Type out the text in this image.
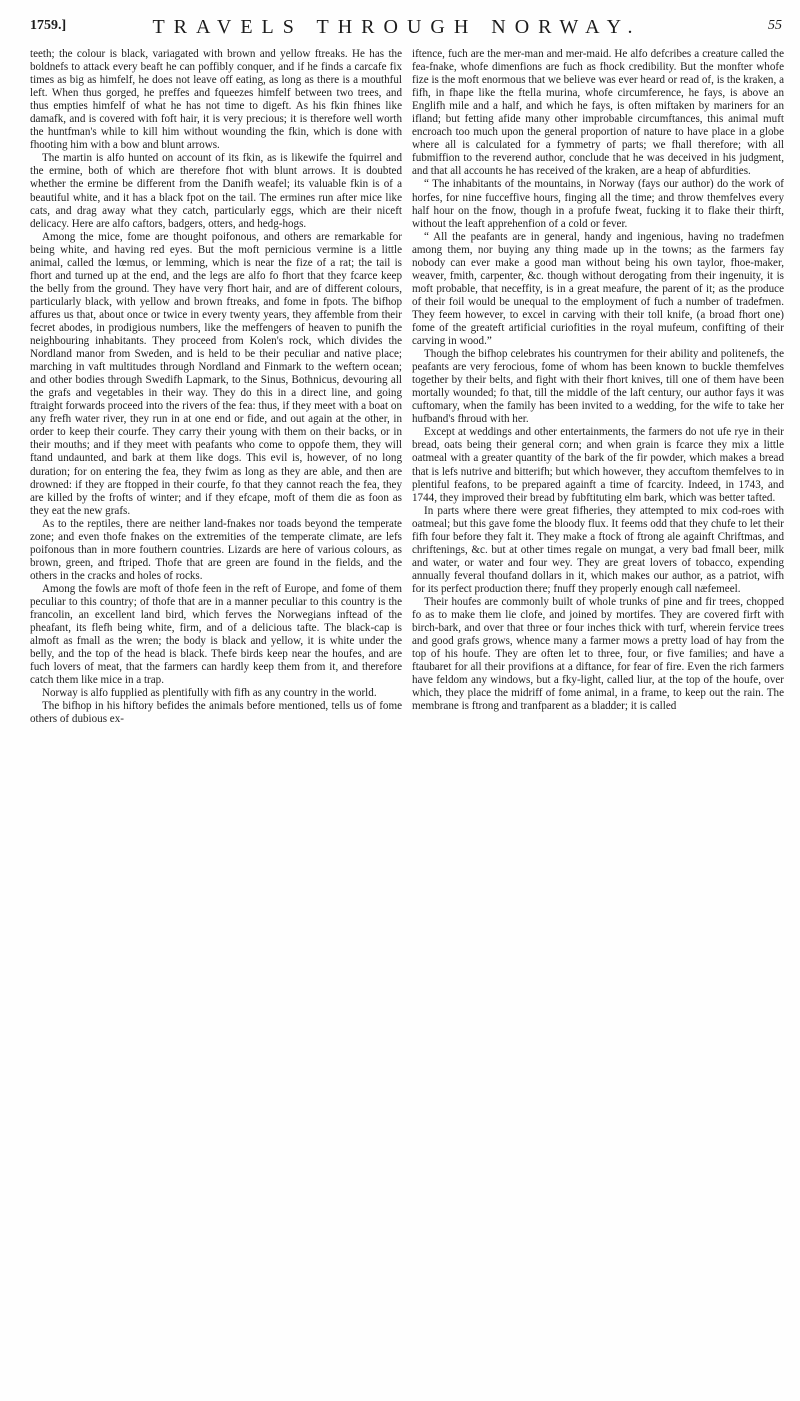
1759.]	TRAVELS THROUGH NORWAY.	55

teeth; the colour is black, variagated with brown and yellow ftreaks. He has the boldnefs to attack every beaft he can poffibly conquer, and if he finds a carcafe fix times as big as himfelf, he does not leave off eating, as long as there is a mouthful left. When thus gorged, he preffes and fqueezes himfelf between two trees, and thus empties himfelf of what he has not time to digeft. As his fkin fhines like damafk, and is covered with foft hair, it is very precious; it is therefore well worth the huntfman's while to kill him without wounding the fkin, which is done with fhooting him with a bow and blunt arrows.

The martin is alfo hunted on account of its fkin, as is likewife the fquirrel and the ermine, both of which are therefore fhot with blunt arrows. It is doubted whether the ermine be different from the Danifh weafel; its valuable fkin is of a beautiful white, and it has a black fpot on the tail. The ermines run after mice like cats, and drag away what they catch, particularly eggs, which are their niceft delicacy. Here are alfo caftors, badgers, otters, and hedg-hogs.

Among the mice, fome are thought poifonous, and others are remarkable for being white, and having red eyes. But the moft pernicious vermine is a little animal, called the lœmus, or lemming, which is near the fize of a rat; the tail is fhort and turned up at the end, and the legs are alfo fo fhort that they fcarce keep the belly from the ground. They have very fhort hair, and are of different colours, particularly black, with yellow and brown ftreaks, and fome in fpots. The bifhop affures us that, about once or twice in every twenty years, they affemble from their fecret abodes, in prodigious numbers, like the meffengers of heaven to punifh the neighbouring inhabitants. They proceed from Kolen's rock, which divides the Nordland manor from Sweden, and is held to be their peculiar and native place; marching in vaft multitudes through Nordland and Finmark to the weftern ocean; and other bodies through Swedifh Lapmark, to the Sinus, Bothnicus, devouring all the grafs and vegetables in their way. They do this in a direct line, and going ftraight forwards proceed into the rivers of the fea: thus, if they meet with a boat on any frefh water river, they run in at one end or fide, and out again at the other, in order to keep their courfe. They carry their young with them on their backs, or in their mouths; and if they meet with peafants who come to oppofe them, they will ftand undaunted, and bark at them like dogs. This evil is, however, of no long duration; for on entering the fea, they fwim as long as they are able, and then are drowned: if they are ftopped in their courfe, fo that they cannot reach the fea, they are killed by the frofts of winter; and if they efcape, moft of them die as foon as they eat the new grafs.

As to the reptiles, there are neither land-fnakes nor toads beyond the temperate zone; and even thofe fnakes on the extremities of the temperate climate, are lefs poifonous than in more fouthern countries. Lizards are here of various colours, as brown, green, and ftriped. Thofe that are green are found in the fields, and the others in the cracks and holes of rocks.

Among the fowls are moft of thofe feen in the reft of Europe, and fome of them peculiar to this country; of thofe that are in a manner peculiar to this country is the francolin, an excellent land bird, which ferves the Norwegians inftead of the pheafant, its flefh being white, firm, and of a delicious tafte. The black-cap is almoft as fmall as the wren; the body is black and yellow, it is white under the belly, and the top of the head is black. Thefe birds keep near the houfes, and are fuch lovers of meat, that the farmers can hardly keep them from it, and therefore catch them like mice in a trap.

Norway is alfo fupplied as plentifully with fifh as any country in the world.

The bifhop in his hiftory befides the animals before mentioned, tells us of fome others of dubious ex-

iftence, fuch are the mer-man and mer-maid. He alfo defcribes a creature called the fea-fnake, whofe dimenfions are fuch as fhock credibility. But the monfter whofe fize is the moft enormous that we believe was ever heard or read of, is the kraken, a fifh, in fhape like the ftella murina, whofe circumference, he fays, is above an Englifh mile and a half, and which he fays, is often miftaken by mariners for an ifland; but fetting afide many other improbable circumftances, this animal muft encroach too much upon the general proportion of nature to have place in a globe where all is calculated for a fymmetry of parts; we fhall therefore; with all fubmiffion to the reverend author, conclude that he was deceived in his judgment, and that all accounts he has received of the kraken, are a heap of abfurdities.

“ The inhabitants of the mountains, in Norway (fays our author) do the work of horfes, for nine fucceffive hours, finging all the time; and throw themfelves every half hour on the fnow, though in a profufe fweat, fucking it to flake their thirft, without the leaft apprehenfion of a cold or fever.

“ All the peafants are in general, handy and ingenious, having no tradefmen among them, nor buying any thing made up in the towns; as the farmers fay nobody can ever make a good man without being his own taylor, fhoe-maker, weaver, fmith, carpenter, &c. though without derogating from their ingenuity, it is moft probable, that neceffity, is in a great meafure, the parent of it; as the produce of their foil would be unequal to the employment of fuch a number of tradefmen. They feem however, to excel in carving with their toll knife, (a broad fhort one) fome of the greateft artificial curiofities in the royal mufeum, confifting of their carving in wood.”

Though the bifhop celebrates his countrymen for their ability and politenefs, the peafants are very ferocious, fome of whom has been known to buckle themfelves together by their belts, and fight with their fhort knives, till one of them have been mortally wounded; fo that, till the middle of the laft century, our author fays it was cuftomary, when the family has been invited to a wedding, for the wife to take her hufband's fhroud with her.

Except at weddings and other entertainments, the farmers do not ufe rye in their bread, oats being their general corn; and when grain is fcarce they mix a little oatmeal with a greater quantity of the bark of the fir powder, which makes a bread that is lefs nutrive and bitterifh; but which however, they accuftom themfelves to in plentiful feafons, to be prepared againft a time of fcarcity. Indeed, in 1743, and 1744, they improved their bread by fubftituting elm bark, which was better tafted.

In parts where there were great fifheries, they attempted to mix cod-roes with oatmeal; but this gave fome the bloody flux. It feems odd that they chufe to let their fifh four before they falt it. They make a ftock of ftrong ale againft Chriftmas, and chriftenings, &c. but at other times regale on mungat, a very bad fmall beer, milk and water, or water and four wey. They are great lovers of tobacco, expending annually feveral thoufand dollars in it, which makes our author, as a patriot, wifh for its perfect production there; fnuff they properly enough call næfemeel.

Their houfes are commonly built of whole trunks of pine and fir trees, chopped fo as to make them lie clofe, and joined by mortifes. They are covered firft with birch-bark, and over that three or four inches thick with turf, wherein fervice trees and good grafs grows, whence many a farmer mows a pretty load of hay from the top of his houfe. They are often let to three, four, or five families; and have a ftaubaret for all their provifions at a diftance, for fear of fire. Even the rich farmers have feldom any windows, but a fky-light, called liur, at the top of the houfe, over which, they place the midriff of fome animal, in a frame, to keep out the rain. The membrane is ftrong and tranfparent as a bladder; it is called
